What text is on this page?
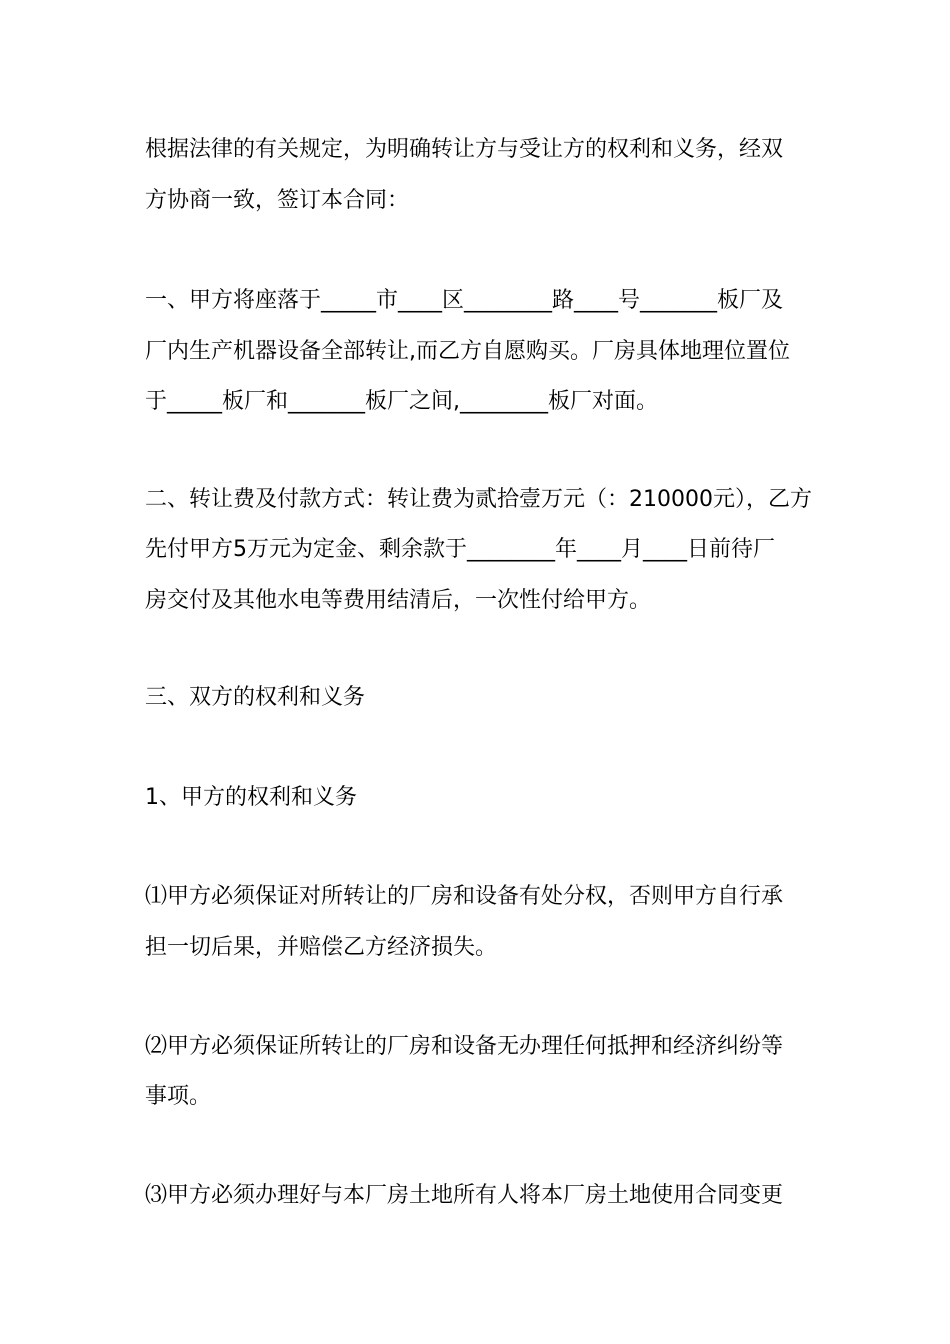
根据法律的有关规定，为明确转让方与受让方的权利和义务，经双

方协商一致，签订本合同：

一、甲方将座落于_____市____区________路____号_______板厂及

厂内生产机器设备全部转让,而乙方自愿购买。厂房具体地理位置位

于_____板厂和_______板厂之间,________板厂对面。

二、转让费及付款方式：转让费为贰拾壹万元（：210000元），乙方

先付甲方5万元为定金、剩余款于________年____月____日前待厂

房交付及其他水电等费用结清后，一次性付给甲方。

三、双方的权利和义务

1、甲方的权利和义务

⑴甲方必须保证对所转让的厂房和设备有处分权，否则甲方自行承

担一切后果，并赔偿乙方经济损失。

⑵甲方必须保证所转让的厂房和设备无办理任何抵押和经济纠纷等

事项。

⑶甲方必须办理好与本厂房土地所有人将本厂房土地使用合同变更
